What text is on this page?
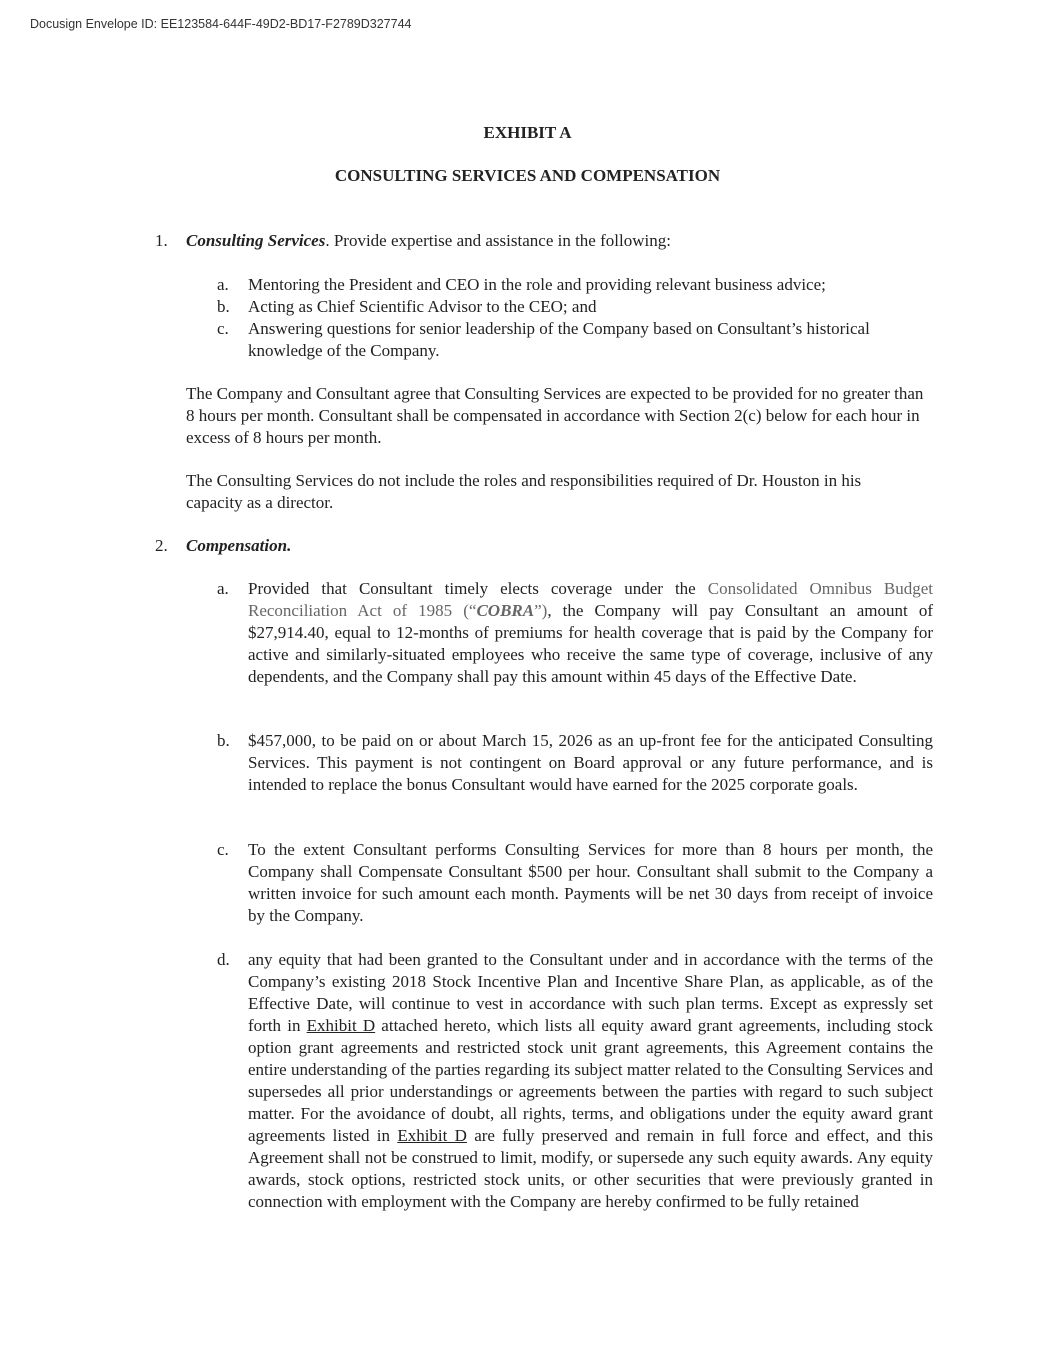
Docusign Envelope ID: EE123584-644F-49D2-BD17-F2789D327744
EXHIBIT A
CONSULTING SERVICES AND COMPENSATION
1. Consulting Services. Provide expertise and assistance in the following:
a. Mentoring the President and CEO in the role and providing relevant business advice;
b. Acting as Chief Scientific Advisor to the CEO; and
c. Answering questions for senior leadership of the Company based on Consultant’s historical knowledge of the Company.
The Company and Consultant agree that Consulting Services are expected to be provided for no greater than 8 hours per month. Consultant shall be compensated in accordance with Section 2(c) below for each hour in excess of 8 hours per month.
The Consulting Services do not include the roles and responsibilities required of Dr. Houston in his capacity as a director.
2. Compensation.
a. Provided that Consultant timely elects coverage under the Consolidated Omnibus Budget Reconciliation Act of 1985 (“COBRA”), the Company will pay Consultant an amount of $27,914.40, equal to 12-months of premiums for health coverage that is paid by the Company for active and similarly-situated employees who receive the same type of coverage, inclusive of any dependents, and the Company shall pay this amount within 45 days of the Effective Date.
b. $457,000, to be paid on or about March 15, 2026 as an up-front fee for the anticipated Consulting Services. This payment is not contingent on Board approval or any future performance, and is intended to replace the bonus Consultant would have earned for the 2025 corporate goals.
c. To the extent Consultant performs Consulting Services for more than 8 hours per month, the Company shall Compensate Consultant $500 per hour. Consultant shall submit to the Company a written invoice for such amount each month. Payments will be net 30 days from receipt of invoice by the Company.
d. any equity that had been granted to the Consultant under and in accordance with the terms of the Company’s existing 2018 Stock Incentive Plan and Incentive Share Plan, as applicable, as of the Effective Date, will continue to vest in accordance with such plan terms. Except as expressly set forth in Exhibit D attached hereto, which lists all equity award grant agreements, including stock option grant agreements and restricted stock unit grant agreements, this Agreement contains the entire understanding of the parties regarding its subject matter related to the Consulting Services and supersedes all prior understandings or agreements between the parties with regard to such subject matter. For the avoidance of doubt, all rights, terms, and obligations under the equity award grant agreements listed in Exhibit D are fully preserved and remain in full force and effect, and this Agreement shall not be construed to limit, modify, or supersede any such equity awards. Any equity awards, stock options, restricted stock units, or other securities that were previously granted in connection with employment with the Company are hereby confirmed to be fully retained
